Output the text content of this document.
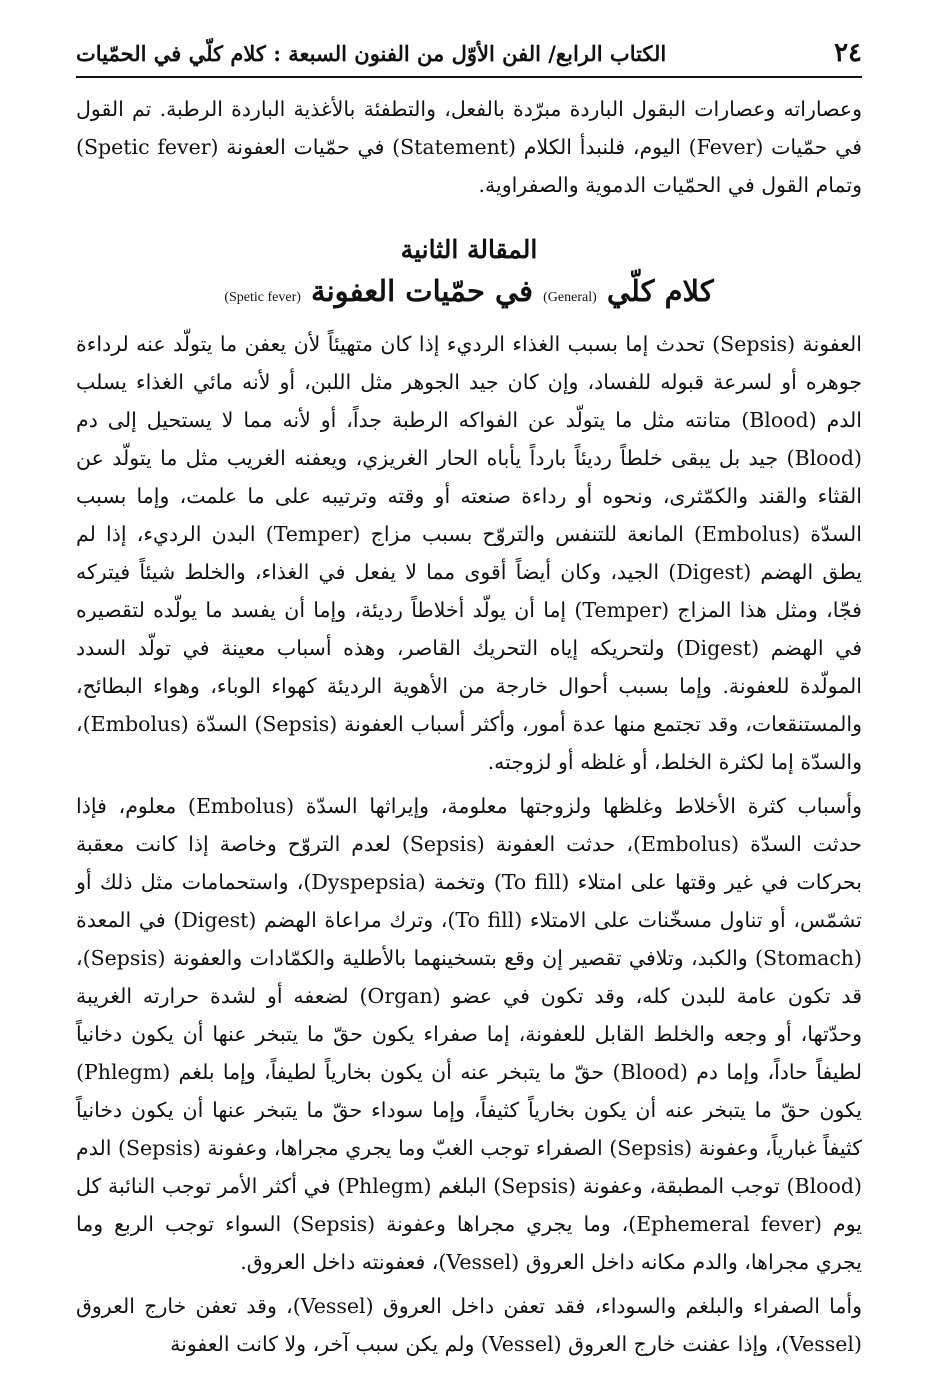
٢٤
الكتاب الرابع/ الفن الأوّل من الفنون السبعة : كلام كلّي في الحمّيات

وعصاراته وعصارات البقول الباردة مبرّدة بالفعل، والتطفئة بالأغذية الباردة الرطبة. تم القول في حمّيات (Fever) اليوم، فلنبدأ الكلام (Statement) في حمّيات العفونة (Spetic fever) وتمام القول في الحمّيات الدموية والصفراوية.

المقالة الثانية
كلام كلّي (General) في حمّيات العفونة (Spetic fever)

العفونة (Sepsis) تحدث إما بسبب الغذاء الرديء إذا كان متهيئاً لأن يعفن ما يتولّد عنه لرداءة جوهره أو لسرعة قبوله للفساد، وإن كان جيد الجوهر مثل اللبن، أو لأنه مائي الغذاء يسلب الدم (Blood) متانته مثل ما يتولّد عن الفواكه الرطبة جداً، أو لأنه مما لا يستحيل إلى دم (Blood) جيد بل يبقى خلطاً رديئاً بارداً يأباه الحار الغريزي، ويعفنه الغريب مثل ما يتولّد عن القثاء والقند والكمّثرى، ونحوه أو رداءة صنعته أو وقته وترتيبه على ما علمت، وإما بسبب السدّة (Embolus) المانعة للتنفس والتروّح بسبب مزاج (Temper) البدن الرديء، إذا لم يطق الهضم (Digest) الجيد، وكان أيضاً أقوى مما لا يفعل في الغذاء، والخلط شيئاً فيتركه فجّا، ومثل هذا المزاج (Temper) إما أن يولّد أخلاطاً رديئة، وإما أن يفسد ما يولّده لتقصيره في الهضم (Digest) ولتحريكه إياه التحريك القاصر، وهذه أسباب معينة في تولّد السدد المولّدة للعفونة. وإما بسبب أحوال خارجة من الأهوية الرديئة كهواء الوباء، وهواء البطائح، والمستنقعات، وقد تجتمع منها عدة أمور، وأكثر أسباب العفونة (Sepsis) السدّة (Embolus)، والسدّة إما لكثرة الخلط، أو غلظه أو لزوجته.

وأسباب كثرة الأخلاط وغلظها ولزوجتها معلومة، وإيراثها السدّة (Embolus) معلوم، فإذا حدثت السدّة (Embolus)، حدثت العفونة (Sepsis) لعدم التروّح وخاصة إذا كانت معقبة بحركات في غير وقتها على امتلاء (To fill) وتخمة (Dyspepsia)، واستحمامات مثل ذلك أو تشمّس، أو تناول مسخّنات على الامتلاء (To fill)، وترك مراعاة الهضم (Digest) في المعدة (Stomach) والكبد، وتلافي تقصير إن وقع بتسخينهما بالأطلية والكمّادات والعفونة (Sepsis)، قد تكون عامة للبدن كله، وقد تكون في عضو (Organ) لضعفه أو لشدة حرارته الغريبة وحدّتها، أو وجعه والخلط القابل للعفونة، إما صفراء يكون حقّ ما يتبخر عنها أن يكون دخانياً لطيفاً حاداً، وإما دم (Blood) حقّ ما يتبخر عنه أن يكون بخارياً لطيفاً، وإما بلغم (Phlegm) يكون حقّ ما يتبخر عنه أن يكون بخارياً كثيفاً، وإما سوداء حقّ ما يتبخر عنها أن يكون دخانياً كثيفاً غبارياً، وعفونة (Sepsis) الصفراء توجب الغبّ وما يجري مجراها، وعفونة (Sepsis) الدم (Blood) توجب المطبقة، وعفونة (Sepsis) البلغم (Phlegm) في أكثر الأمر توجب النائبة كل يوم (Ephemeral fever)، وما يجري مجراها وعفونة (Sepsis) السواء توجب الربع وما يجري مجراها، والدم مكانه داخل العروق (Vessel)، فعفونته داخل العروق.

وأما الصفراء والبلغم والسوداء، فقد تعفن داخل العروق (Vessel)، وقد تعفن خارج العروق (Vessel)، وإذا عفنت خارج العروق (Vessel) ولم يكن سبب آخر، ولا كانت العفونة
